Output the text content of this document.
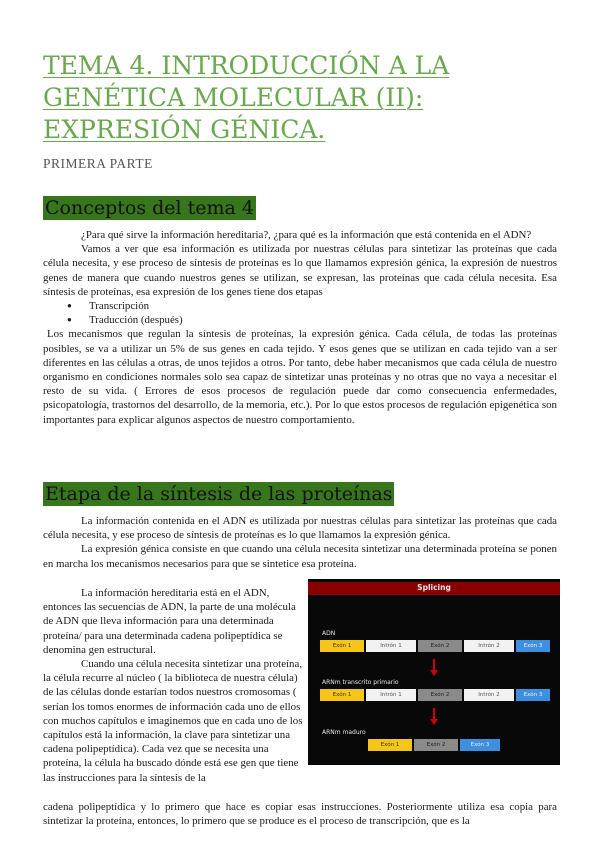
TEMA 4. INTRODUCCIÓN A LA GENÉTICA MOLECULAR (II): EXPRESIÓN GÉNICA.
PRIMERA PARTE
Conceptos del tema 4

¿Para qué sirve la información hereditaria?, ¿para qué es la información que está contenida en el ADN?

Vamos a ver que esa información es utilizada por nuestras células para sintetizar las proteínas que cada célula necesita, y ese proceso de síntesis de proteínas es lo que llamamos expresión génica, la expresión de nuestros genes de manera que cuando nuestros genes se utilizan, se expresan, las proteínas que cada célula necesita. Esa síntesis de proteínas, esa expresión de los genes tiene dos etapas

● Transcripción
● Traducción (después)

Los mecanismos que regulan la síntesis de proteínas, la expresión génica. Cada célula, de todas las proteínas posibles, se va a utilizar un 5% de sus genes en cada tejido. Y esos genes que se utilizan en cada tejido van a ser diferentes en las células a otras, de unos tejidos a otros. Por tanto, debe haber mecanismos que cada célula de nuestro organismo en condiciones normales solo sea capaz de sintetizar unas proteínas y no otras que no vaya a necesitar el resto de su vida. ( Errores de esos procesos de regulación puede dar como consecuencia enfermedades, psicopatología, trastornos del desarrollo, de la memoria, etc.). Por lo que estos procesos de regulación epigenética son importantes para explicar algunos aspectos de nuestro comportamiento.

Etapa de la síntesis de las proteínas

La información contenida en el ADN es utilizada por nuestras células para sintetizar las proteínas que cada célula necesita, y ese proceso de síntesis de proteínas es lo que llamamos la expresión génica.

La expresión génica consiste en que cuando una célula necesita sintetizar una determinada proteína se ponen en marcha los mecanismos necesarios para que se sintetice esa proteína.

La información hereditaria está en el ADN, entonces las secuencias de ADN, la parte de una molécula de ADN que lleva información para una determinada proteína/ para una determinada cadena polipeptídica se denomina gen estructural.

Cuando una célula necesita sintetizar una proteína, la célula recurre al núcleo ( la biblioteca de nuestra célula) de las células donde estarían todos nuestros cromosomas ( serían los tomos enormes de información cada uno de ellos con muchos capítulos e imaginemos que en cada uno de los capítulos está la información, la clave para sintetizar una cadena polipeptídica). Cada vez que se necesita una proteína, la célula ha buscado dónde está ese gen que tiene las instrucciones para la síntesis de la

cadena polipeptídica y lo primero que hace es copiar esas instrucciones. Posteriormente utiliza esa copia para sintetizar la proteína, entonces, lo primero que se produce es el proceso de transcripción, que es la

Splicing
ADN
Exón 1	Intrón 1	Exón 2	Intrón 2	Exón 3
ARNm transcrito primario
Exón 1	Intrón 1	Exón 2	Intrón 2	Exón 3
ARNm maduro
Exón 1	Exón 2	Exón 3
